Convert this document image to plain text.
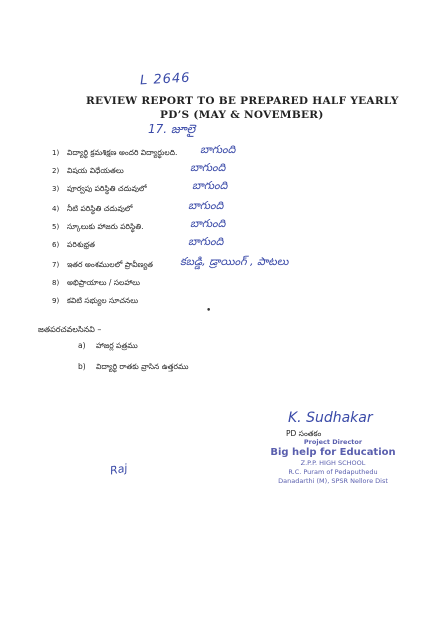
L 2646
REVIEW REPORT TO BE PREPARED HALF YEARLY
PD’S (MAY & NOVEMBER)
17. జూలై
1) విద్యార్థి క్రమశిక్షణ అందరి విద్యార్థులది. బాగుంది
2) విషయ విధేయతలు	బాగుంది
3) పూర్వపు పరిస్థితి చదువులో	బాగుంది
4) నీటి పరిస్థితి చదువులో	బాగుంది
5) స్కూలుకు హాజరు పరిస్థితి.	బాగుంది
6) పరిశుభ్రత	బాగుంది
7) ఇతర అంశములలో ప్రావీణ్యత కబడ్డి, డ్రాయింగ్ , పాటలు
8) అభిప్రాయాలు / సలహాలు
9) కవిటి సభ్యుల సూచనలు
•
జతపరచవలసినవి –
a) హాజర్ల పత్రము
b) విద్యార్థి రాతకు వ్రాసిన ఉత్తరము
K. Sudhakar
PD సంతకం
Project Director
Big help for Education
Z.P.P. HIGH SCHOOL
R.C. Puram of Pedaputhedu
Danadarthi (M), SPSR Nellore Dist
Raj
